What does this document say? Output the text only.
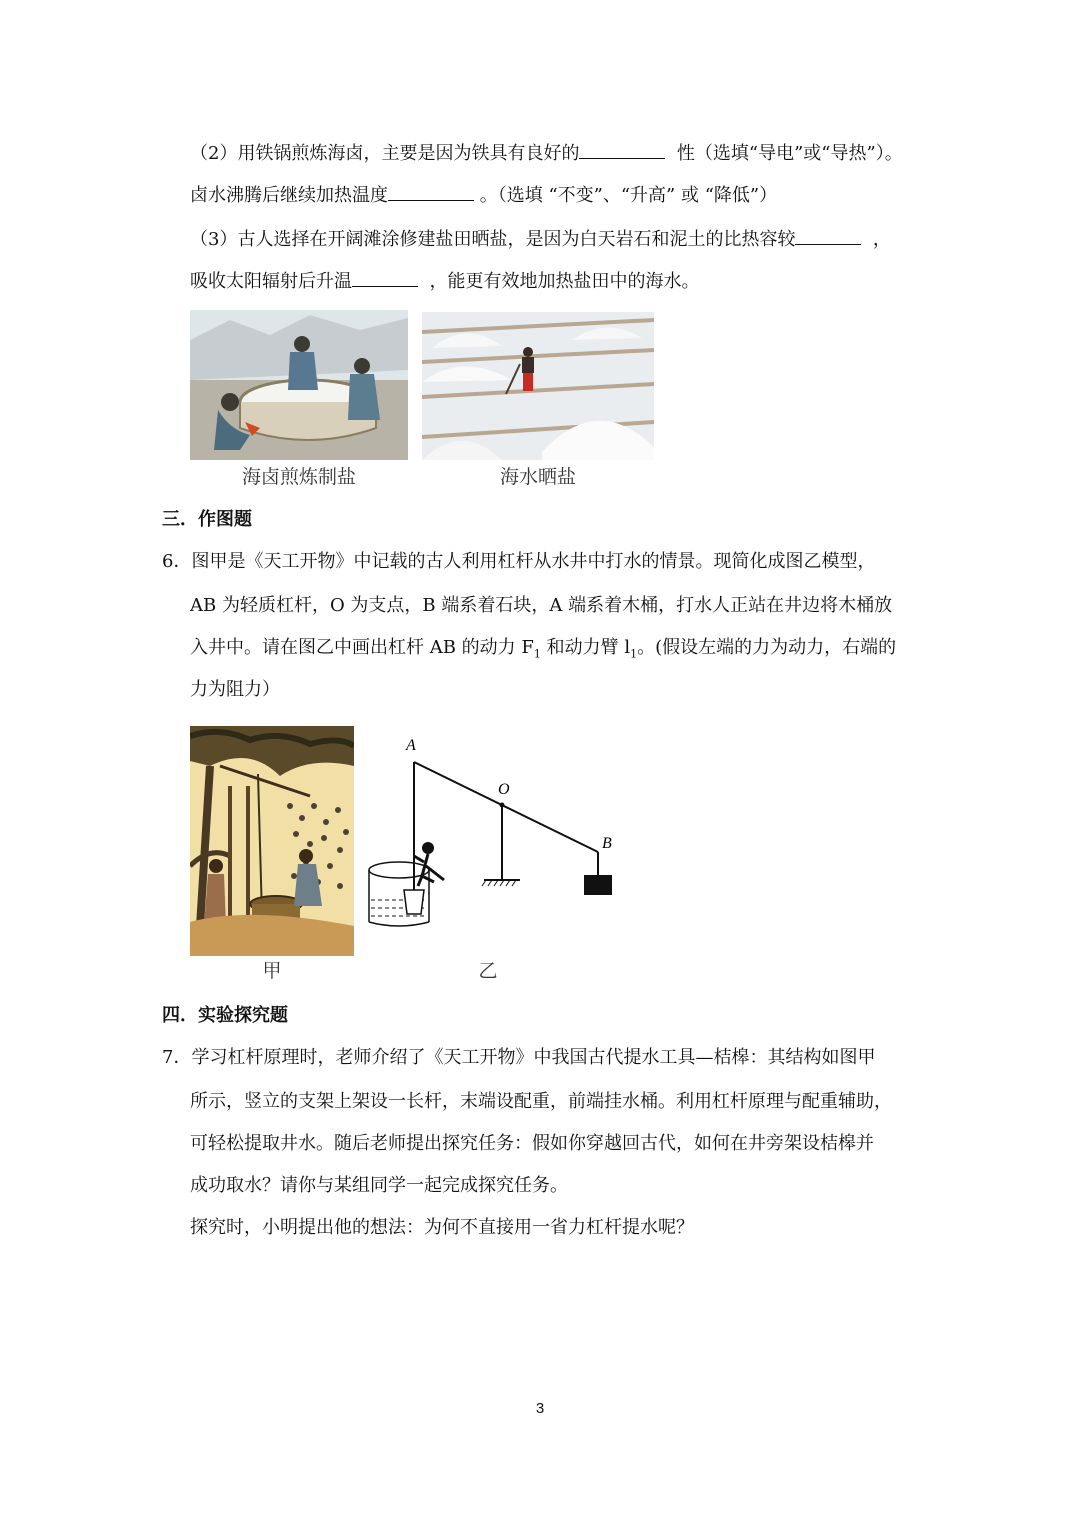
（2）用铁锅煎炼海卤，主要是因为铁具有良好的	性（选填“导电”或“导热”）。
卤水沸腾后继续加热温度	。（选填 “不变”、“升高” 或 “降低”）
（3）古人选择在开阔滩涂修建盐田晒盐，是因为白天岩石和泥土的比热容较	，
吸收太阳辐射后升温	，能更有效地加热盐田中的海水。
海卤煎炼制盐	海水晒盐
三．作图题
6．图甲是《天工开物》中记载的古人利用杠杆从水井中打水的情景。现简化成图乙模型，
AB 为轻质杠杆，O 为支点，B 端系着石块，A 端系着木桶，打水人正站在井边将木桶放
入井中。请在图乙中画出杠杆 AB 的动力 $F_1$ 和动力臂 $l_1$。(假设左端的力为动力，右端的
力为阻力）
甲
A
O
B
乙
四．实验探究题
7．学习杠杆原理时，老师介绍了《天工开物》中我国古代提水工具—桔槔：其结构如图甲
所示，竖立的支架上架设一长杆，末端设配重，前端挂水桶。利用杠杆原理与配重辅助，
可轻松提取井水。随后老师提出探究任务：假如你穿越回古代，如何在井旁架设桔槔并
成功取水？请你与某组同学一起完成探究任务。
探究时，小明提出他的想法：为何不直接用一省力杠杆提水呢？
3
